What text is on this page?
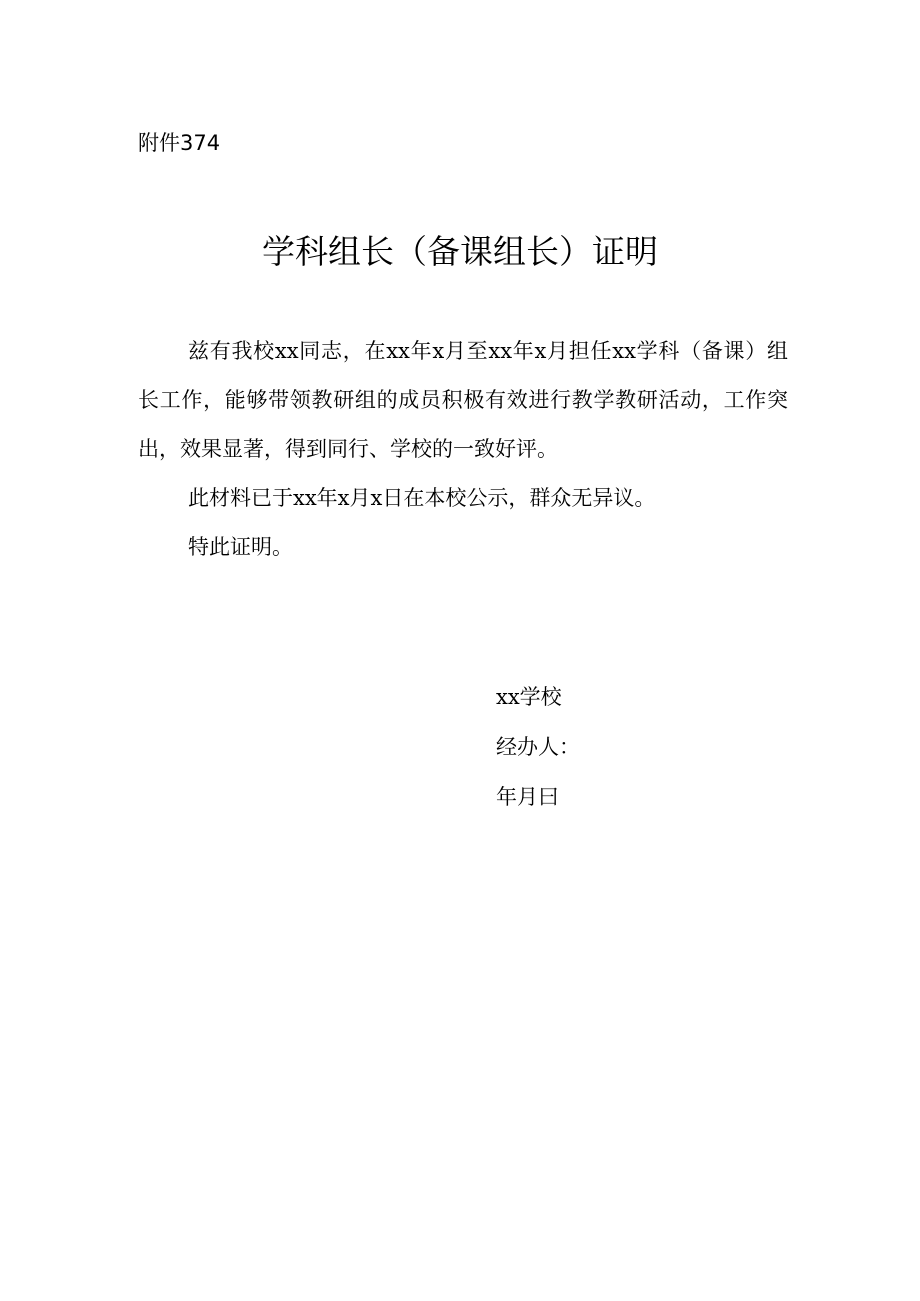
附件374
学科组长（备课组长）证明
兹有我校xx同志，在xx年x月至xx年x月担任xx学科（备课）组长工作，能够带领教研组的成员积极有效进行教学教研活动，工作突出，效果显著，得到同行、学校的一致好评。
此材料已于xx年x月x日在本校公示，群众无异议。
特此证明。
xx学校
经办人：
年月曰
